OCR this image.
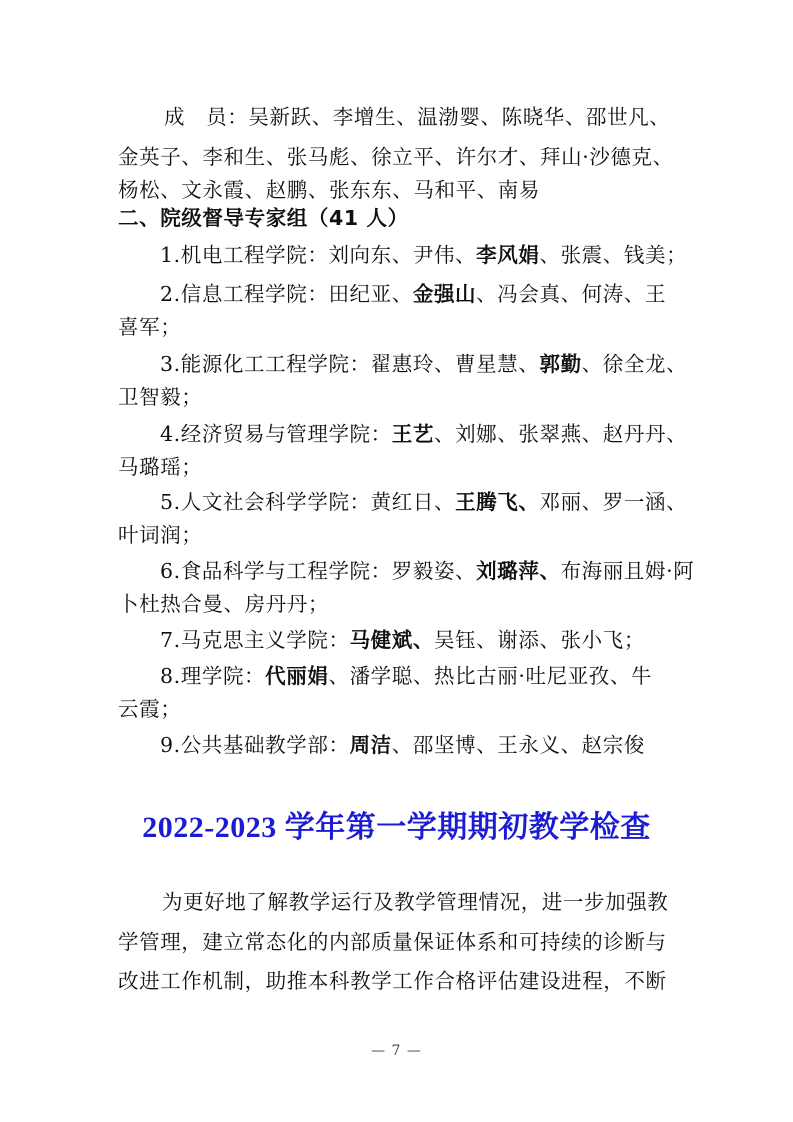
成　员：吴新跃、李增生、温渤婴、陈晓华、邵世凡、
金英子、李和生、张马彪、徐立平、许尔才、拜山·沙德克、
杨松、文永霞、赵鹏、张东东、马和平、南易
二、院级督导专家组（41 人）
1.机电工程学院：刘向东、尹伟、李风娟、张震、钱美；
2.信息工程学院：田纪亚、金强山、冯会真、何涛、王
喜军；
3.能源化工工程学院：翟惠玲、曹星慧、郭勤、徐全龙、
卫智毅；
4.经济贸易与管理学院：王艺、刘娜、张翠燕、赵丹丹、
马璐瑶；
5.人文社会科学学院：黄红日、王腾飞、邓丽、罗一涵、
叶词润；
6.食品科学与工程学院：罗毅姿、刘璐萍、布海丽且姆·阿
卜杜热合曼、房丹丹；
7.马克思主义学院：马健斌、吴钰、谢添、张小飞；
8.理学院：代丽娟、潘学聪、热比古丽·吐尼亚孜、牛
云霞；
9.公共基础教学部：周洁、邵坚博、王永义、赵宗俊
2022-2023 学年第一学期期初教学检查
为更好地了解教学运行及教学管理情况，进一步加强教
学管理，建立常态化的内部质量保证体系和可持续的诊断与
改进工作机制，助推本科教学工作合格评估建设进程，不断
— 7 —
